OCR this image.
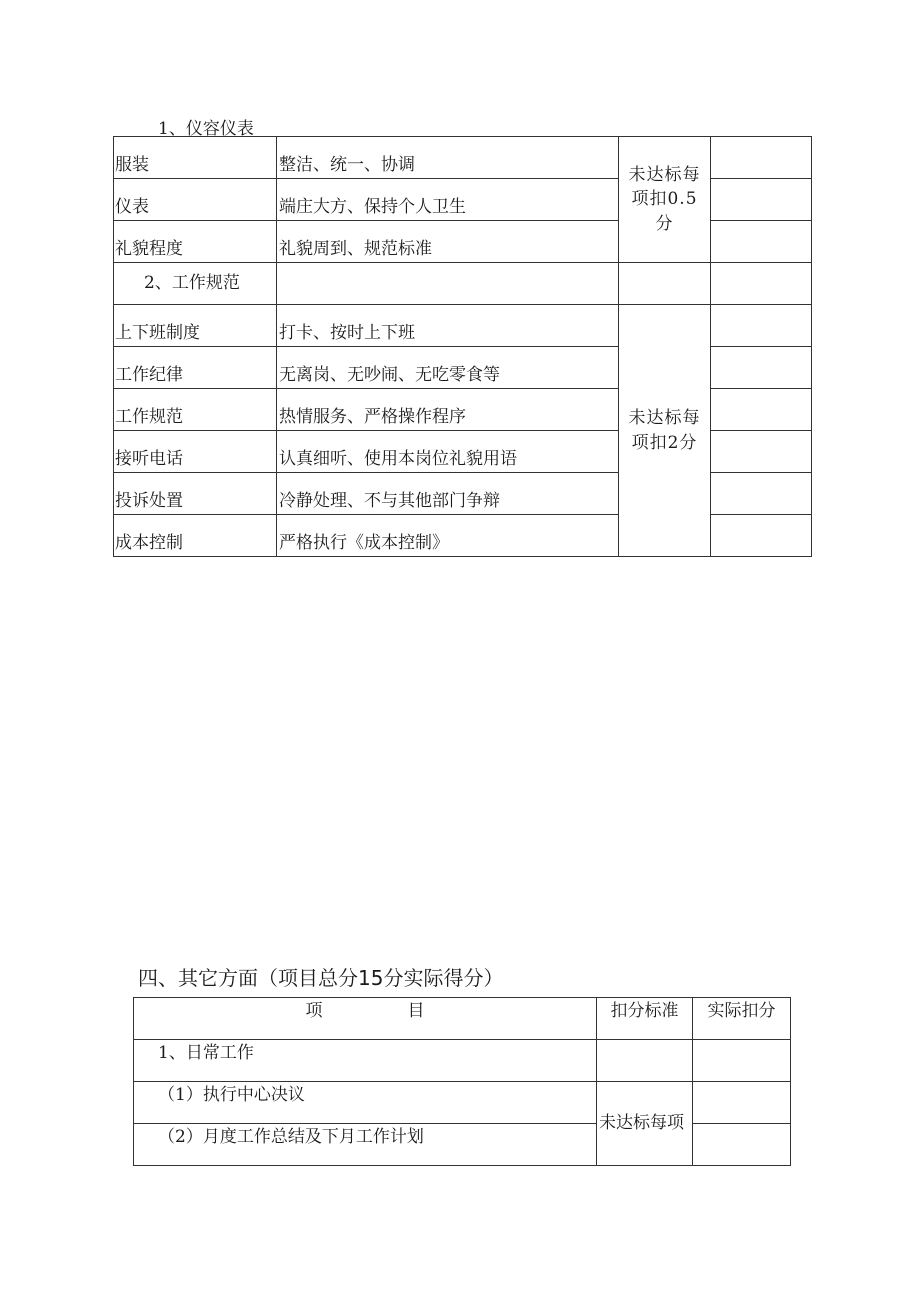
1、仪容仪表
服装	整洁、统一、协调	未达标每项扣0.5分	
仪表	端庄大方、保持个人卫生		
礼貌程度	礼貌周到、规范标准		
2、工作规范			
上下班制度	打卡、按时上下班	未达标每项扣2分	
工作纪律	无离岗、无吵闹、无吃零食等		
工作规范	热情服务、严格操作程序		
接听电话	认真细听、使用本岗位礼貌用语		
投诉处置	冷静处理、不与其他部门争辩		
成本控制	严格执行《成本控制》		
四、其它方面（项目总分15分实际得分）
项　　　　　目	扣分标准	实际扣分
1、日常工作		
（1）执行中心决议	未达标每项	
（2）月度工作总结及下月工作计划		
